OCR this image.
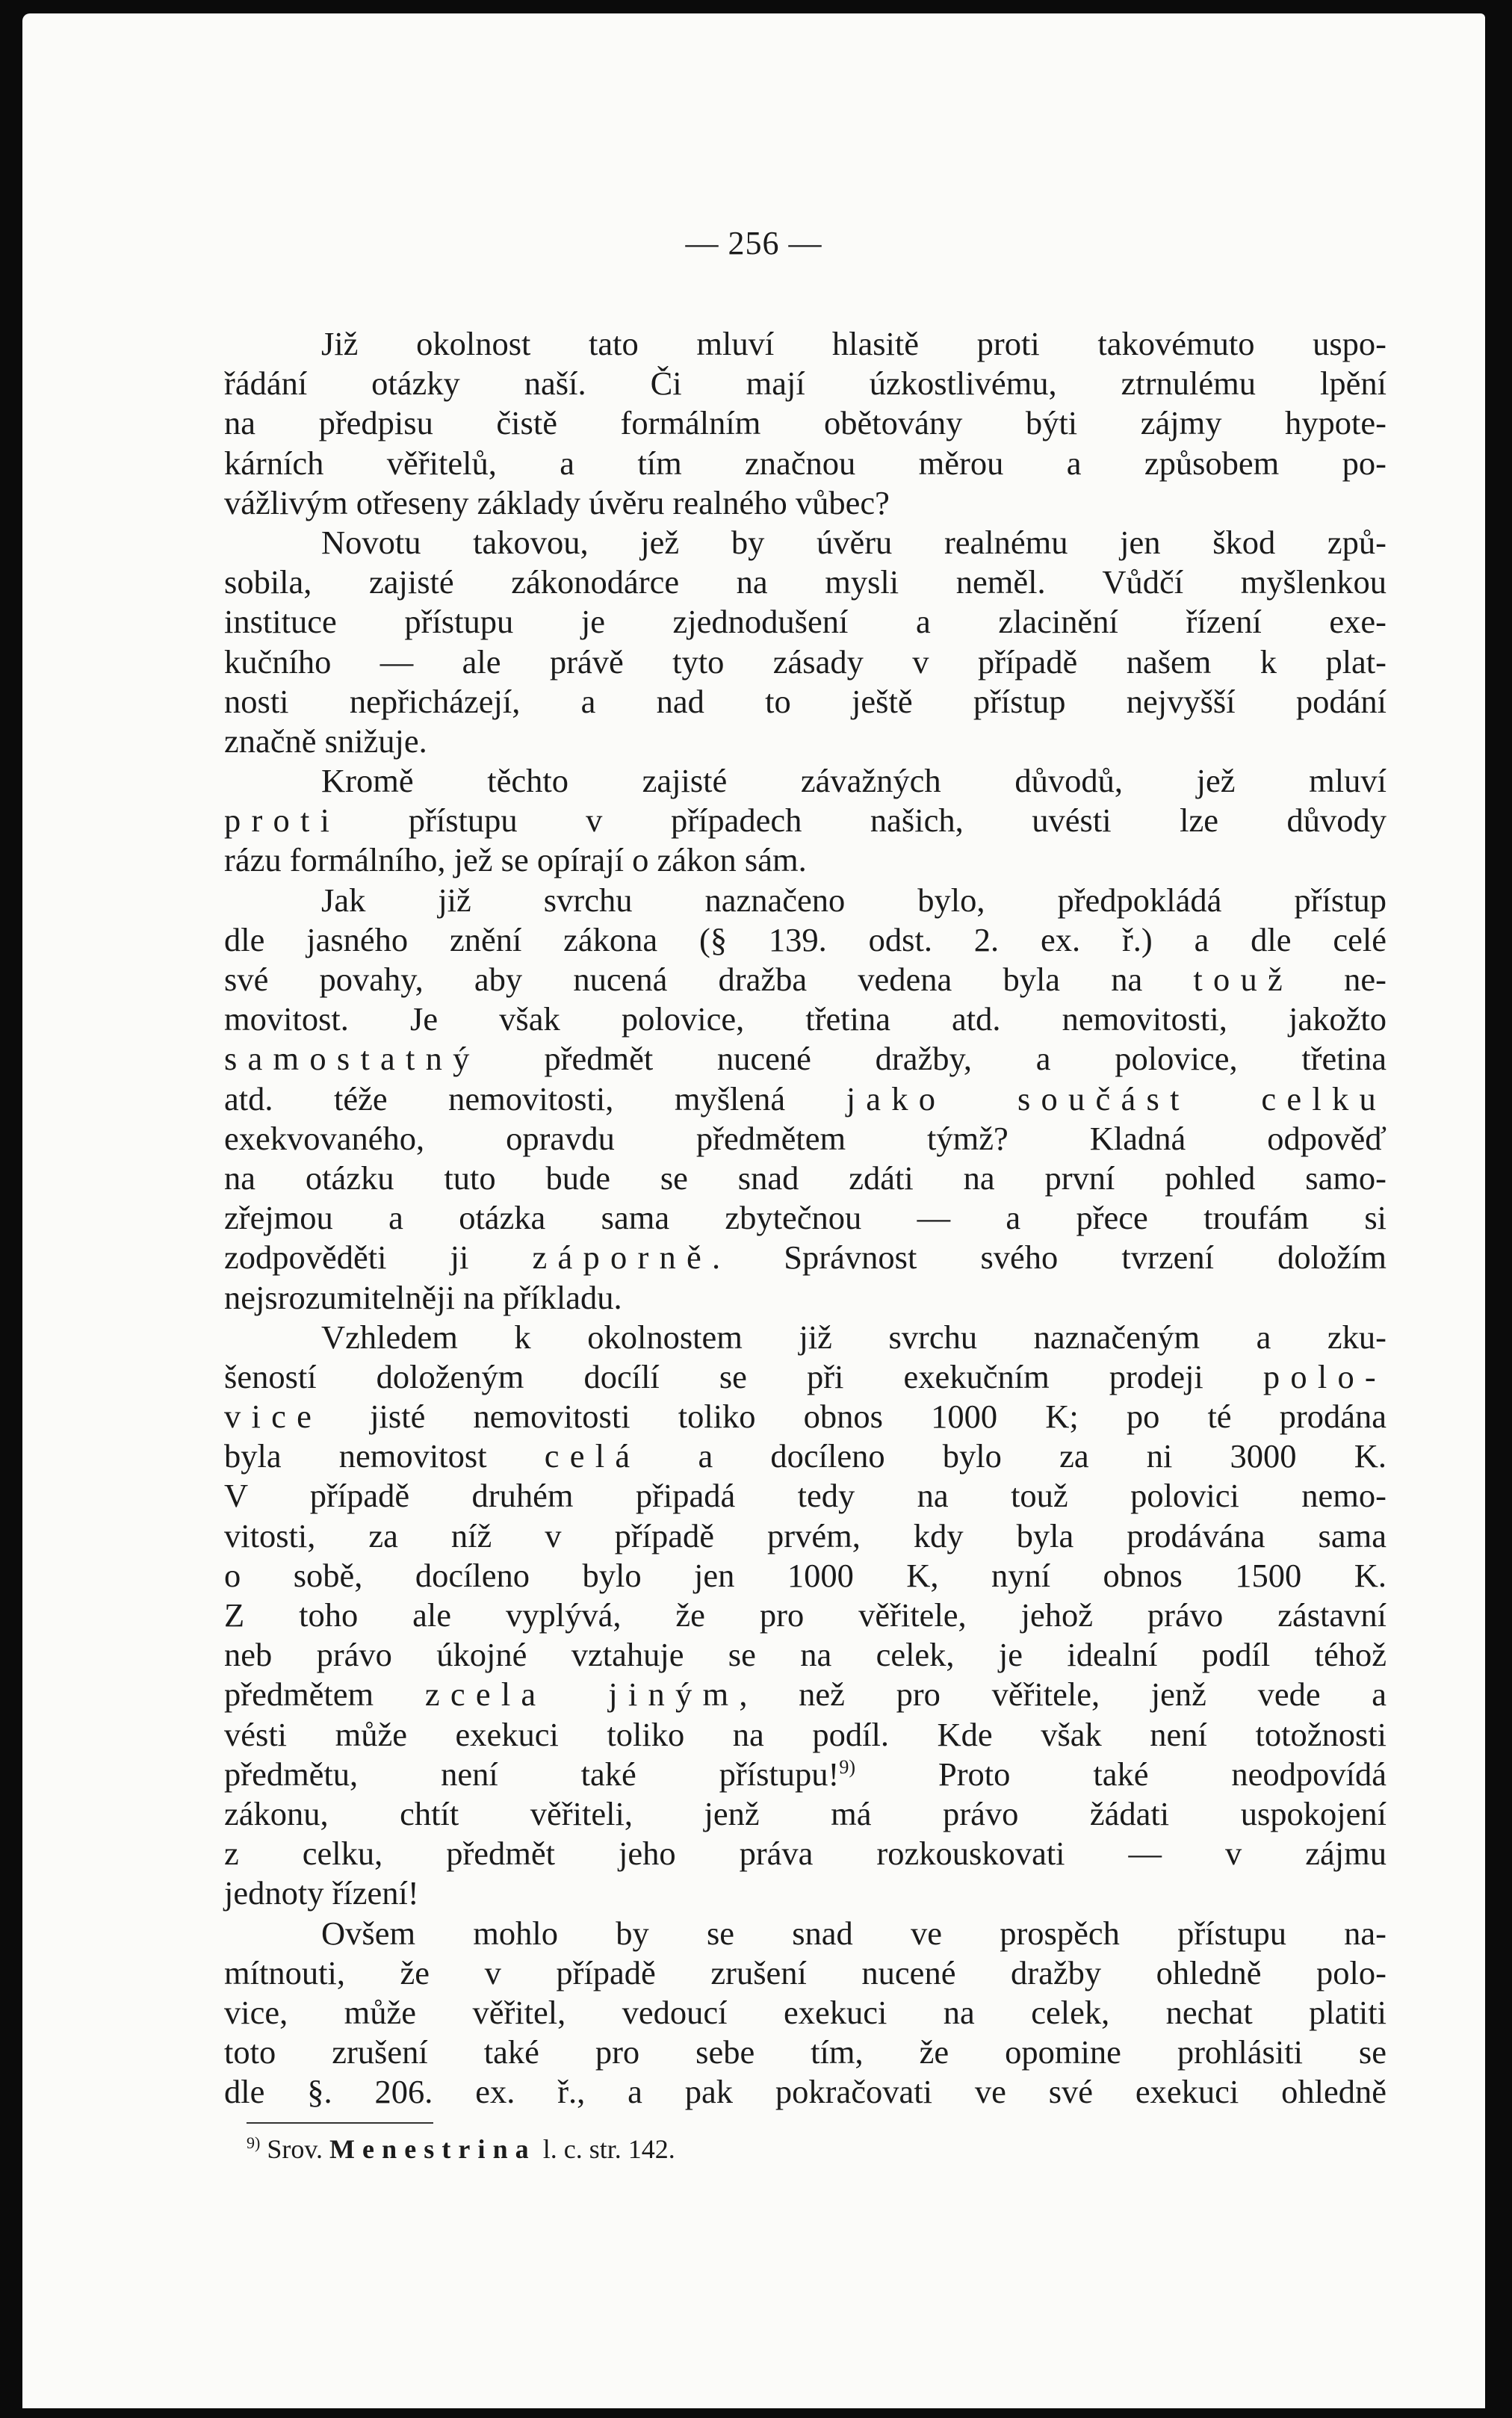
— 256 —
Již okolnost tato mluví hlasitě proti takovémuto uspo-
řádání otázky naší. Či mají úzkostlivému, ztrnulému lpění
na předpisu čistě formálním obětovány býti zájmy hypote-
kárních věřitelů, a tím značnou měrou a způsobem po-
vážlivým otřeseny základy úvěru realného vůbec?
Novotu takovou, jež by úvěru realnému jen škod způ-
sobila, zajisté zákonodárce na mysli neměl. Vůdčí myšlenkou
instituce přístupu je zjednodušení a zlacinění řízení exe-
kučního — ale právě tyto zásady v případě našem k plat-
nosti nepřicházejí, a nad to ještě přístup nejvyšší podání
značně snižuje.
Kromě těchto zajisté závažných důvodů, jež mluví
proti přístupu v případech našich, uvésti lze důvody
rázu formálního, jež se opírají o zákon sám.
Jak již svrchu naznačeno bylo, předpokládá přístup
dle jasného znění zákona (§ 139. odst. 2. ex. ř.) a dle celé
své povahy, aby nucená dražba vedena byla na touž ne-
movitost. Je však polovice, třetina atd. nemovitosti, jakožto
samostatný předmět nucené dražby, a polovice, třetina
atd. téže nemovitosti, myšlená jako součást celku
exekvovaného, opravdu předmětem týmž? Kladná odpověď
na otázku tuto bude se snad zdáti na první pohled samo-
zřejmou a otázka sama zbytečnou — a přece troufám si
zodpověděti ji záporně. Správnost svého tvrzení doložím
nejsrozumitelněji na příkladu.
Vzhledem k okolnostem již svrchu naznačeným a zku-
šeností doloženým docílí se při exekučním prodeji polo-
vice jisté nemovitosti toliko obnos 1000 K; po té prodána
byla nemovitost celá a docíleno bylo za ni 3000 K.
V případě druhém připadá tedy na touž polovici nemo-
vitosti, za níž v případě prvém, kdy byla prodávána sama
o sobě, docíleno bylo jen 1000 K, nyní obnos 1500 K.
Z toho ale vyplývá, že pro věřitele, jehož právo zástavní
neb právo úkojné vztahuje se na celek, je idealní podíl téhož
předmětem zcela jiným, než pro věřitele, jenž vede a
vésti může exekuci toliko na podíl. Kde však není totožnosti
předmětu, není také přístupu!$^{9)}$ Proto také neodpovídá
zákonu, chtít věřiteli, jenž má právo žádati uspokojení
z celku, předmět jeho práva rozkouskovati — v zájmu
jednoty řízení!
Ovšem mohlo by se snad ve prospěch přístupu na-
mítnouti, že v případě zrušení nucené dražby ohledně polo-
vice, může věřitel, vedoucí exekuci na celek, nechat platiti
toto zrušení také pro sebe tím, že opomine prohlásiti se
dle §. 206. ex. ř., a pak pokračovati ve své exekuci ohledně
$^{9)}$ Srov. Menestrina l. c. str. 142.
